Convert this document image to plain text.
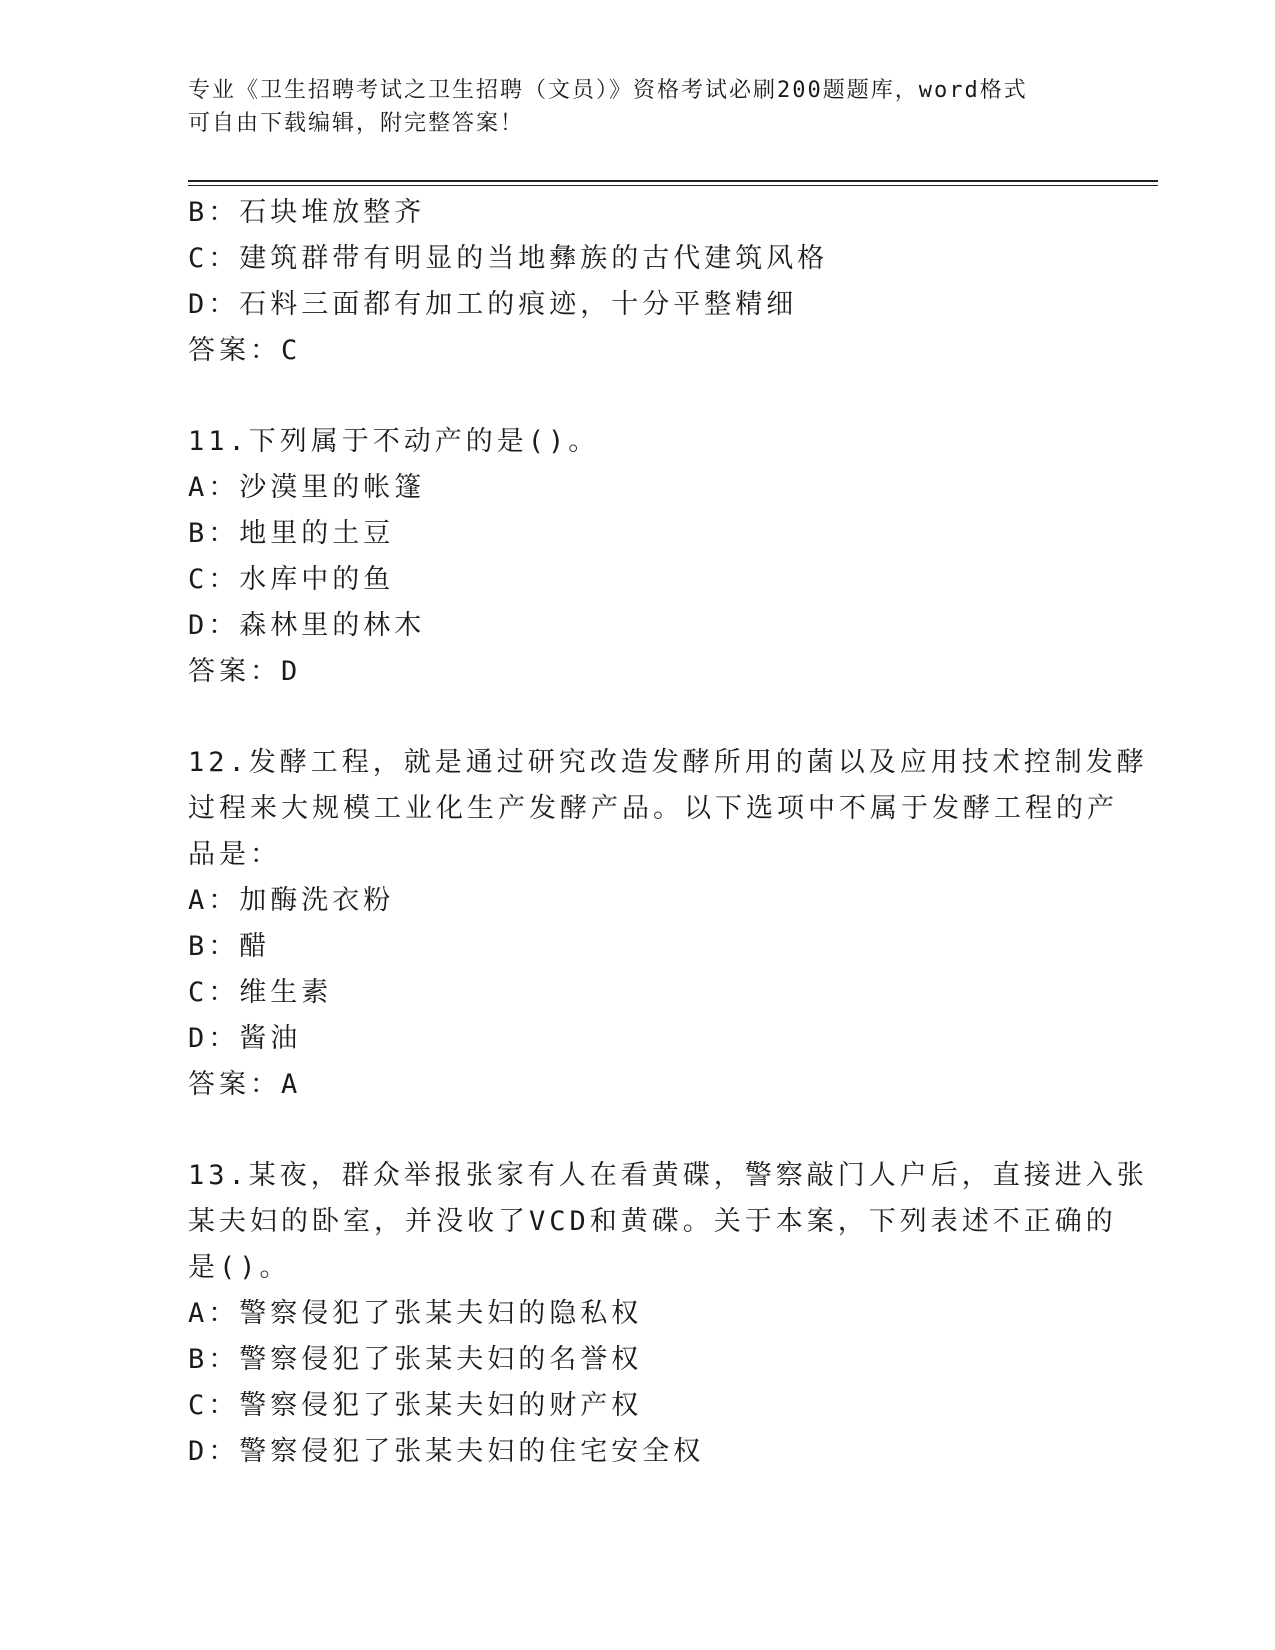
专业《卫生招聘考试之卫生招聘（文员）》资格考试必刷200题题库，word格式
可自由下载编辑，附完整答案！
B：石块堆放整齐
C：建筑群带有明显的当地彝族的古代建筑风格
D：石料三面都有加工的痕迹，十分平整精细
答案：C
11.下列属于不动产的是()。
A：沙漠里的帐篷
B：地里的土豆
C：水库中的鱼
D：森林里的林木
答案：D
12.发酵工程，就是通过研究改造发酵所用的菌以及应用技术控制发酵
过程来大规模工业化生产发酵产品。以下选项中不属于发酵工程的产
品是：
A：加酶洗衣粉
B：醋
C：维生素
D：酱油
答案：A
13.某夜，群众举报张家有人在看黄碟，警察敲门人户后，直接进入张
某夫妇的卧室，并没收了VCD和黄碟。关于本案，下列表述不正确的
是()。
A：警察侵犯了张某夫妇的隐私权
B：警察侵犯了张某夫妇的名誉权
C：警察侵犯了张某夫妇的财产权
D：警察侵犯了张某夫妇的住宅安全权
